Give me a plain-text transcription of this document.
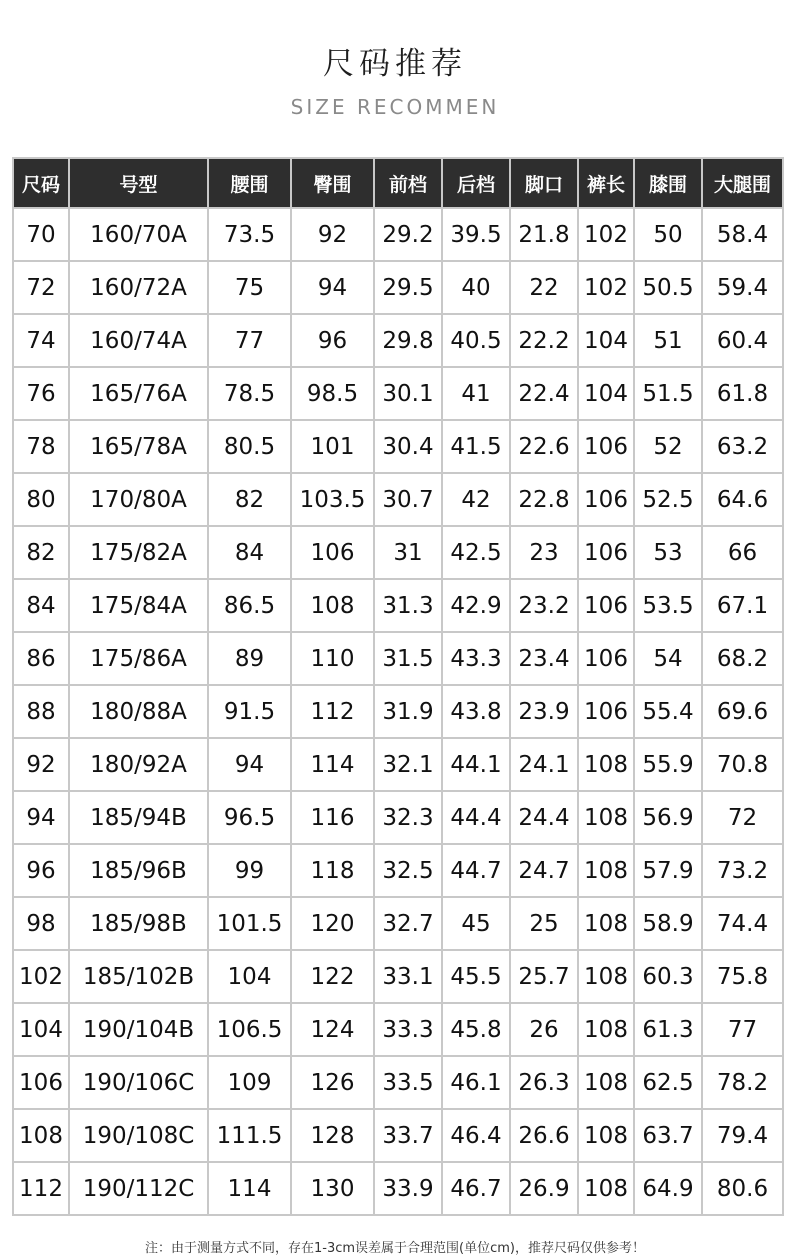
尺码推荐
SIZE RECOMMEN
尺码	号型	腰围	臀围	前档	后档	脚口	裤长	膝围	大腿围
70	160/70A	73.5	92	29.2	39.5	21.8	102	50	58.4
72	160/72A	75	94	29.5	40	22	102	50.5	59.4
74	160/74A	77	96	29.8	40.5	22.2	104	51	60.4
76	165/76A	78.5	98.5	30.1	41	22.4	104	51.5	61.8
78	165/78A	80.5	101	30.4	41.5	22.6	106	52	63.2
80	170/80A	82	103.5	30.7	42	22.8	106	52.5	64.6
82	175/82A	84	106	31	42.5	23	106	53	66
84	175/84A	86.5	108	31.3	42.9	23.2	106	53.5	67.1
86	175/86A	89	110	31.5	43.3	23.4	106	54	68.2
88	180/88A	91.5	112	31.9	43.8	23.9	106	55.4	69.6
92	180/92A	94	114	32.1	44.1	24.1	108	55.9	70.8
94	185/94B	96.5	116	32.3	44.4	24.4	108	56.9	72
96	185/96B	99	118	32.5	44.7	24.7	108	57.9	73.2
98	185/98B	101.5	120	32.7	45	25	108	58.9	74.4
102	185/102B	104	122	33.1	45.5	25.7	108	60.3	75.8
104	190/104B	106.5	124	33.3	45.8	26	108	61.3	77
106	190/106C	109	126	33.5	46.1	26.3	108	62.5	78.2
108	190/108C	111.5	128	33.7	46.4	26.6	108	63.7	79.4
112	190/112C	114	130	33.9	46.7	26.9	108	64.9	80.6
注：由于测量方式不同，存在1-3cm误差属于合理范围(单位cm)，推荐尺码仅供参考！
